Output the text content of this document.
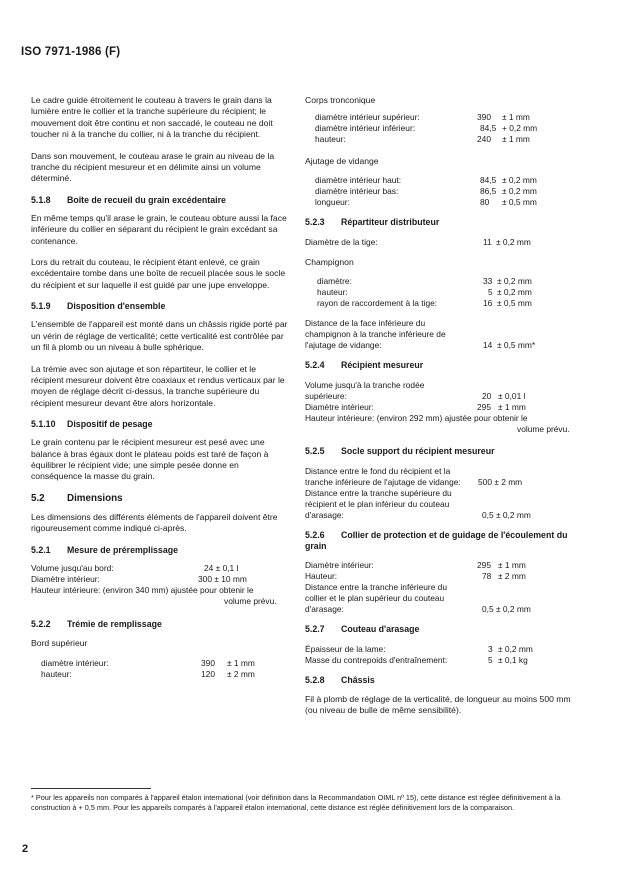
ISO 7971-1986 (F)

Le cadre guide étroitement le couteau à travers le grain dans la lumière entre le collier et la tranche supérieure du récipient; le mouvement doit être continu et non saccadé, le couteau ne doit toucher ni à la tranche du collier, ni à la tranche du récipient.

Dans son mouvement, le couteau arase le grain au niveau de la tranche du récipient mesureur et en délimite ainsi un volume déterminé.

5.1.8 Boîte de recueil du grain excédentaire

En même temps qu'il arase le grain, le couteau obture aussi la face inférieure du collier en séparant du récipient le grain excédant sa contenance.

Lors du retrait du couteau, le récipient étant enlevé, ce grain excédentaire tombe dans une boîte de recueil placée sous le socle du récipient et sur laquelle il est guidé par une jupe enveloppe.

5.1.9 Disposition d'ensemble

L'ensemble de l'appareil est monté dans un châssis rigide porté par un vérin de réglage de verticalité; cette verticalité est contrôlée par un fil à plomb ou un niveau à bulle sphérique.

La trémie avec son ajutage et son répartiteur, le collier et le récipient mesureur doivent être coaxiaux et rendus verticaux par le moyen de réglage décrit ci-dessus, la tranche supérieure du récipient mesureur devant être alors horizontale.

5.1.10 Dispositif de pesage

Le grain contenu par le récipient mesureur est pesé avec une balance à bras égaux dont le plateau poids est taré de façon à équilibrer le récipient vide; une simple pesée donne en conséquence la masse du grain.

5.2 Dimensions

Les dimensions des différents éléments de l'appareil doivent être rigoureusement comme indiqué ci-après.

5.2.1 Mesure de préremplissage
Volume jusqu'au bord:	24 ± 0,1 l
Diamètre intérieur:	300 ± 10 mm
Hauteur intérieure: (environ 340 mm) ajustée pour obtenir le
volume prévu.
5.2.2 Trémie de remplissage
Bord supérieur
diamètre intérieur:	390 ± 1 mm
hauteur:	120 ± 2 mm
Corps tronconique
diamètre intérieur supérieur:	390 ± 1 mm
diamètre intérieur inférieur:	84,5 + 0,2 mm
hauteur:	240 ± 1 mm
Ajutage de vidange
diamètre intérieur haut:	84,5 ± 0,2 mm
diamètre intérieur bas:	86,5 ± 0,2 mm
longueur:	80 ± 0,5 mm
5.2.3 Répartiteur distributeur
Diamètre de la tige:	11 ± 0,2 mm
Champignon
diamètre:	33 ± 0,2 mm
hauteur:	5 ± 0,2 mm
rayon de raccordement à la tige:	16 ± 0,5 mm
Distance de la face inférieure du
champignon à la tranche inférieure de
l'ajutage de vidange:	14 ± 0,5 mm*
5.2.4 Récipient mesureur
Volume jusqu'à la tranche rodée
supérieure:	20 ± 0,01 l
Diamètre intérieur:	295 ± 1 mm
Hauteur intérieure: (environ 292 mm) ajustée pour obtenir le
volume prévu.
5.2.5 Socle support du récipient mesureur
Distance entre le fond du récipient et la
tranche inférieure de l'ajutage de vidange: 500 ± 2 mm
Distance entre la tranche supérieure du
récipient et le plan inférieur du couteau
d'arasage:	0,5 ± 0,2 mm
5.2.6 Collier de protection et de guidage de l'écoulement du grain
Diamètre intérieur:	295 ± 1 mm
Hauteur:	78 ± 2 mm
Distance entre la tranche inférieure du
collier et le plan supérieur du couteau
d'arasage:	0,5 ± 0,2 mm
5.2.7 Couteau d'arasage
Épaisseur de la lame:	3 ± 0,2 mm
Masse du contrepoids d'entraînement:	5 ± 0,1 kg
5.2.8 Châssis

Fil à plomb de réglage de la verticalité, de longueur au moins 500 mm (ou niveau de bulle de même sensibilité).

* Pour les appareils non comparés à l'appareil étalon international (voir définition dans la Recommandation OIML nº 15), cette distance est réglée définitivement à la construction à + 0,5 mm. Pour les appareils comparés à l'appareil étalon international, cette distance est réglée définitivement lors de la comparaison.
2
